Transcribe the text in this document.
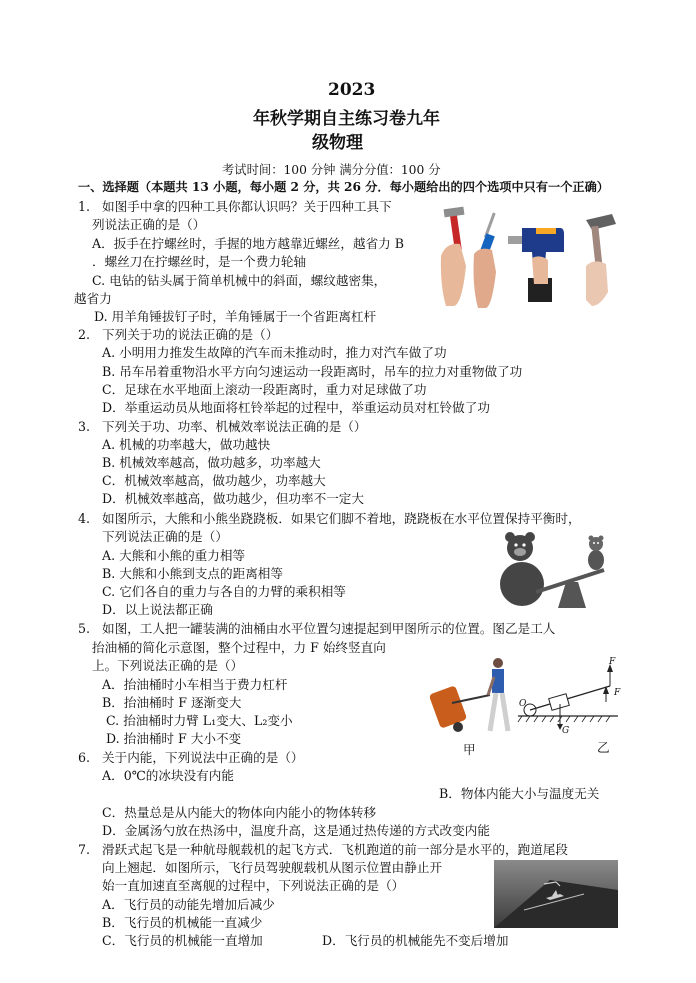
2023
年秋学期自主练习卷九年
级物理
考试时间：100 分钟 满分分值：100 分
一、选择题（本题共 13 小题，每小题 2 分，共 26 分．每小题给出的四个选项中只有一个正确）
1. 如图手中拿的四种工具你都认识吗？关于四种工具下
列说法正确的是（）
A．扳手在拧螺丝时，手握的地方越靠近螺丝，越省力 B
．螺丝刀在拧螺丝时，是一个费力轮轴
C. 电钻的钻头属于简单机械中的斜面，螺纹越密集，
越省力
D. 用羊角锤拔钉子时，羊角锤属于一个省距离杠杆
2. 下列关于功的说法正确的是（）
A. 小明用力推发生故障的汽车而未推动时，推力对汽车做了功
B. 吊车吊着重物沿水平方向匀速运动一段距离时，吊车的拉力对重物做了功
C．足球在水平地面上滚动一段距离时，重力对足球做了功
D．举重运动员从地面将杠铃举起的过程中，举重运动员对杠铃做了功
3. 下列关于功、功率、机械效率说法正确的是（）
A. 机械的功率越大，做功越快
B. 机械效率越高，做功越多，功率越大
C．机械效率越高，做功越少，功率越大
D．机械效率越高，做功越少，但功率不一定大
4. 如图所示，大熊和小熊坐跷跷板．如果它们脚不着地，跷跷板在水平位置保持平衡时，
下列说法正确的是（）
A. 大熊和小熊的重力相等
B. 大熊和小熊到支点的距离相等
C. 它们各自的重力与各自的力臂的乘积相等
D．以上说法都正确
5. 如图，工人把一罐装满的油桶由水平位置匀速提起到甲图所示的位置。图乙是工人
抬油桶的简化示意图，整个过程中，力 F 始终竖直向
上。下列说法正确的是（）
A．抬油桶时小车相当于费力杠杆
B．抬油桶时 F 逐渐变大
C. 抬油桶时力臂 L₁变大、L₂变小
D. 抬油桶时 F 大小不变
甲
F
F
O
G
乙
6. 关于内能，下列说法中正确的是（）
A．0℃的冰块没有内能
B．物体内能大小与温度无关
C．热量总是从内能大的物体向内能小的物体转移
D．金属汤勺放在热汤中，温度升高，这是通过热传递的方式改变内能
7. 滑跃式起飞是一种航母舰载机的起飞方式．飞机跑道的前一部分是水平的，跑道尾段
向上翘起．如图所示，飞行员驾驶舰载机从图示位置由静止开
始一直加速直至离舰的过程中，下列说法正确的是（）
A．飞行员的动能先增加后减少
B．飞行员的机械能一直减少
C．飞行员的机械能一直增加	D．飞行员的机械能先不变后增加
